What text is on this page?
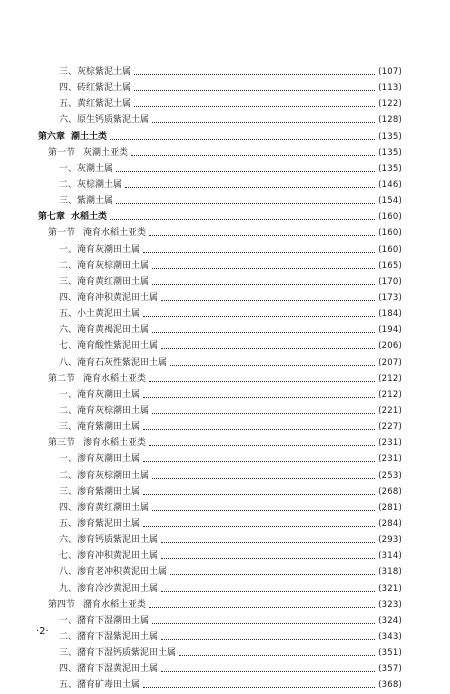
三、灰棕紫泥土属	(107)
四、砖红紫泥土属	(113)
五、黄红紫泥土属	(122)
六、原生钙质紫泥土属	(128)
第六章 潮土土类	(135)
第一节 灰潮土亚类	(135)
一、灰潮土属	(135)
二、灰棕潮土属	(146)
三、紫潮土属	(154)
第七章 水稻土类	(160)
第一节 淹育水稻土亚类	(160)
一、淹育灰潮田土属	(160)
二、淹育灰棕潮田土属	(165)
三、淹育黄红潮田土属	(170)
四、淹育冲积黄泥田土属	(173)
五、小土黄泥田土属	(184)
六、淹育黄褐泥田土属	(194)
七、淹育酸性紫泥田土属	(206)
八、淹育石灰性紫泥田土属	(207)
第二节 淹育水稻土亚类	(212)
一、淹育灰潮田土属	(212)
二、淹育灰棕潮田土属	(221)
三、淹育紫潮田土属	(227)
第三节 渗育水稻土亚类	(231)
一、渗育灰潮田土属	(231)
二、渗育灰棕潮田土属	(253)
三、渗育紫潮田土属	(268)
四、渗育黄红潮田土属	(281)
五、渗育紫泥田土属	(284)
六、渗育钙质紫泥田土属	(293)
七、渗育冲积黄泥田土属	(314)
八、渗育老冲积黄泥田土属	(318)
九、渗育冷沙黄泥田土属	(321)
第四节 潴育水稻土亚类	(323)
一、潴育下湿潮田土属	(324)
二、潴育下湿紫泥田土属	(343)
三、潴育下湿钙质紫泥田土属	(351)
四、潴育下湿黄泥田土属	(357)
五、潴育矿毒田土属	(368)
·2·
